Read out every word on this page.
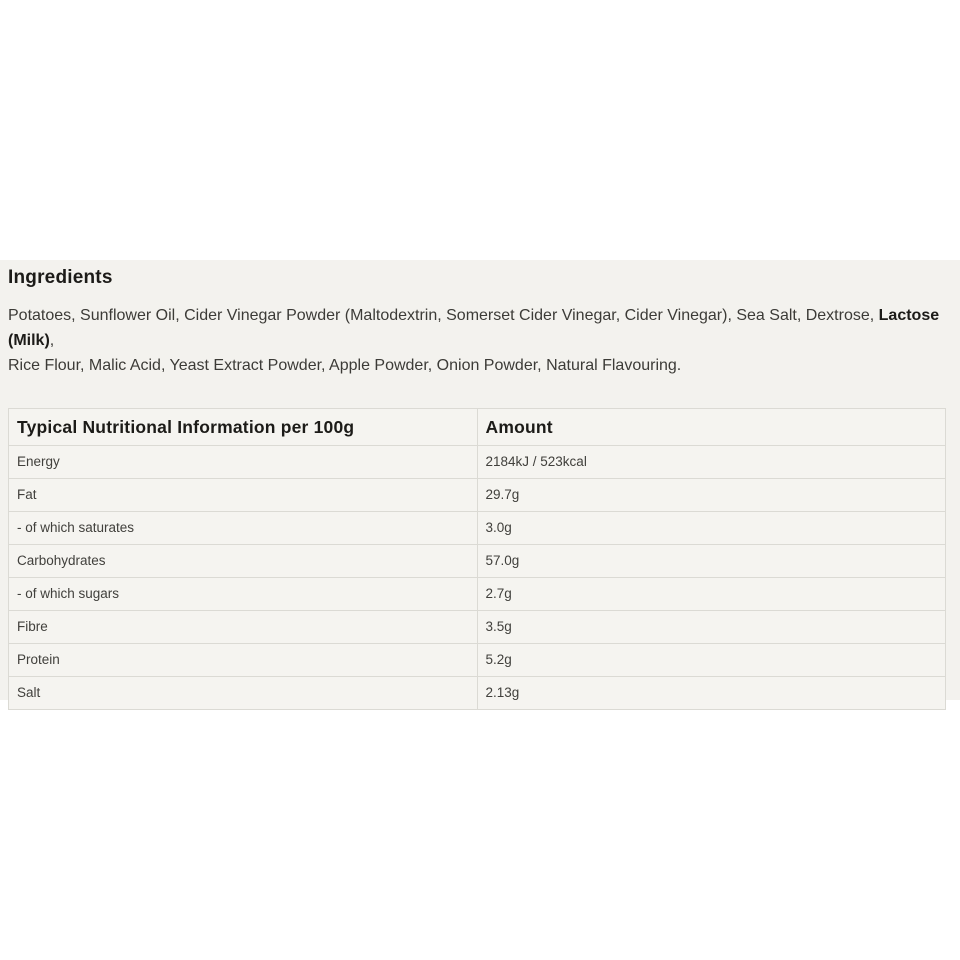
Ingredients

Potatoes, Sunflower Oil, Cider Vinegar Powder (Maltodextrin, Somerset Cider Vinegar, Cider Vinegar), Sea Salt, Dextrose, Lactose (Milk),
Rice Flour, Malic Acid, Yeast Extract Powder, Apple Powder, Onion Powder, Natural Flavouring.

Typical Nutritional Information per 100g	Amount
Energy	2184kJ / 523kcal
Fat	29.7g
- of which saturates	3.0g
Carbohydrates	57.0g
- of which sugars	2.7g
Fibre	3.5g
Protein	5.2g
Salt	2.13g
